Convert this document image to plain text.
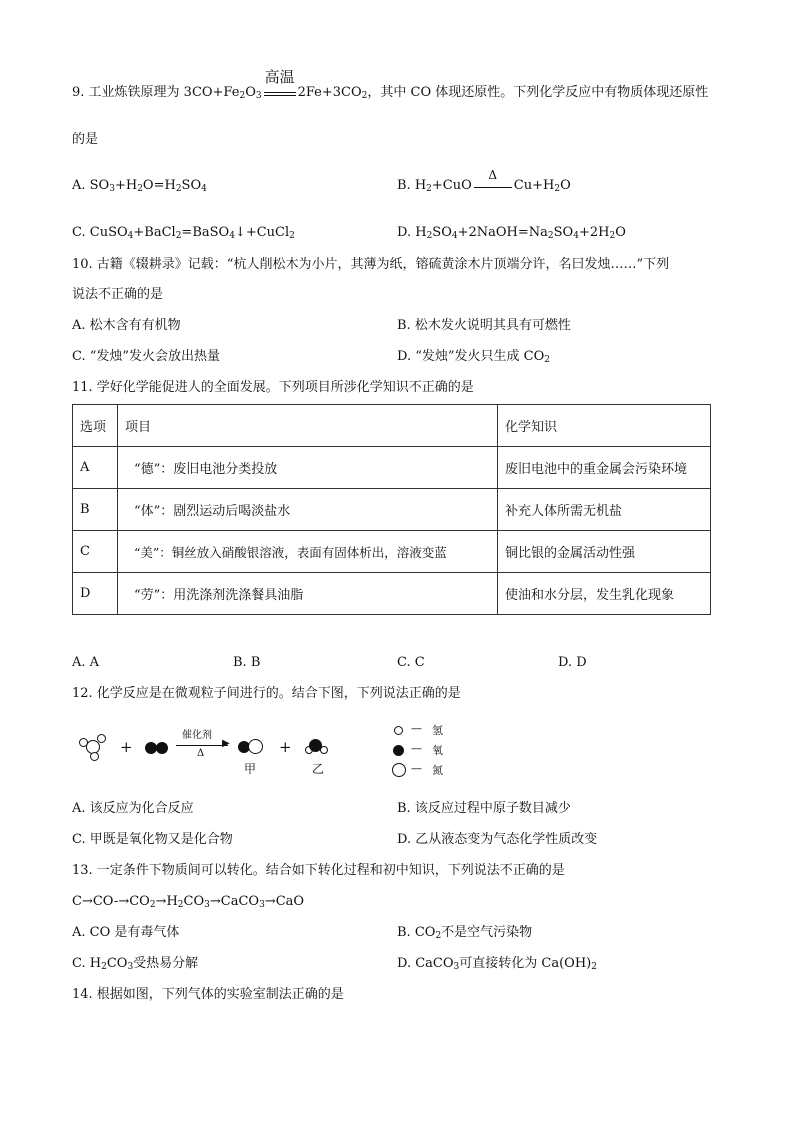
9. 工业炼铁原理为 $3CO+Fe_2O_3$
高温
$2Fe+3CO_2$，其中 CO 体现还原性。下列化学反应中有物质体现还原性
的是
A. $SO_3+H_2O=H_2SO_4$	B. $H_2+CuO$
Δ
$Cu+H_2O$
C. CuSO$_4$+BaCl$_2$=BaSO$_4$↓+CuCl$_2$	D. $H_2SO_4+2NaOH=Na_2SO_4+2H_2O$
10. 古籍《辍耕录》记载：“杭人削松木为小片，其薄为纸，镕硫黄涂木片顶端分许，名曰发烛……”下列
说法不正确的是
A. 松木含有有机物	B. 松木发火说明其具有可燃性
C. “发烛”发火会放出热量	D. “发烛”发火只生成 $CO_2$
11. 学好化学能促进人的全面发展。下列项目所涉化学知识不正确的是
选项	项目	化学知识
A	“德”：废旧电池分类投放	废旧电池中的重金属会污染环境
B	“体”：剧烈运动后喝淡盐水	补充人体所需无机盐
C	“美”：铜丝放入硝酸银溶液，表面有固体析出，溶液变蓝	铜比银的金属活动性强
D	“劳”：用洗涤剂洗涤餐具油脂	使油和水分层，发生乳化现象
A. A	B. B	C. C	D. D
12. 化学反应是在微观粒子间进行的。结合下图，下列说法正确的是
+
催化剂
▶
Δ
甲
+
乙
— 氢
— 氧
— 氮
A. 该反应为化合反应	B. 该反应过程中原子数目减少
C. 甲既是氧化物又是化合物	D. 乙从液态变为气态化学性质改变
13. 一定条件下物质间可以转化。结合如下转化过程和初中知识，下列说法不正确的是
$C\to CO-\to CO_2\to H_2CO_3\to CaCO_3\to CaO$
A. CO 是有毒气体	B. $CO_2$不是空气污染物
C. $H_2CO_3$受热易分解	D. CaCO$_3$可直接转化为 $Ca(OH)_2$
14. 根据如图，下列气体的实验室制法正确的是
